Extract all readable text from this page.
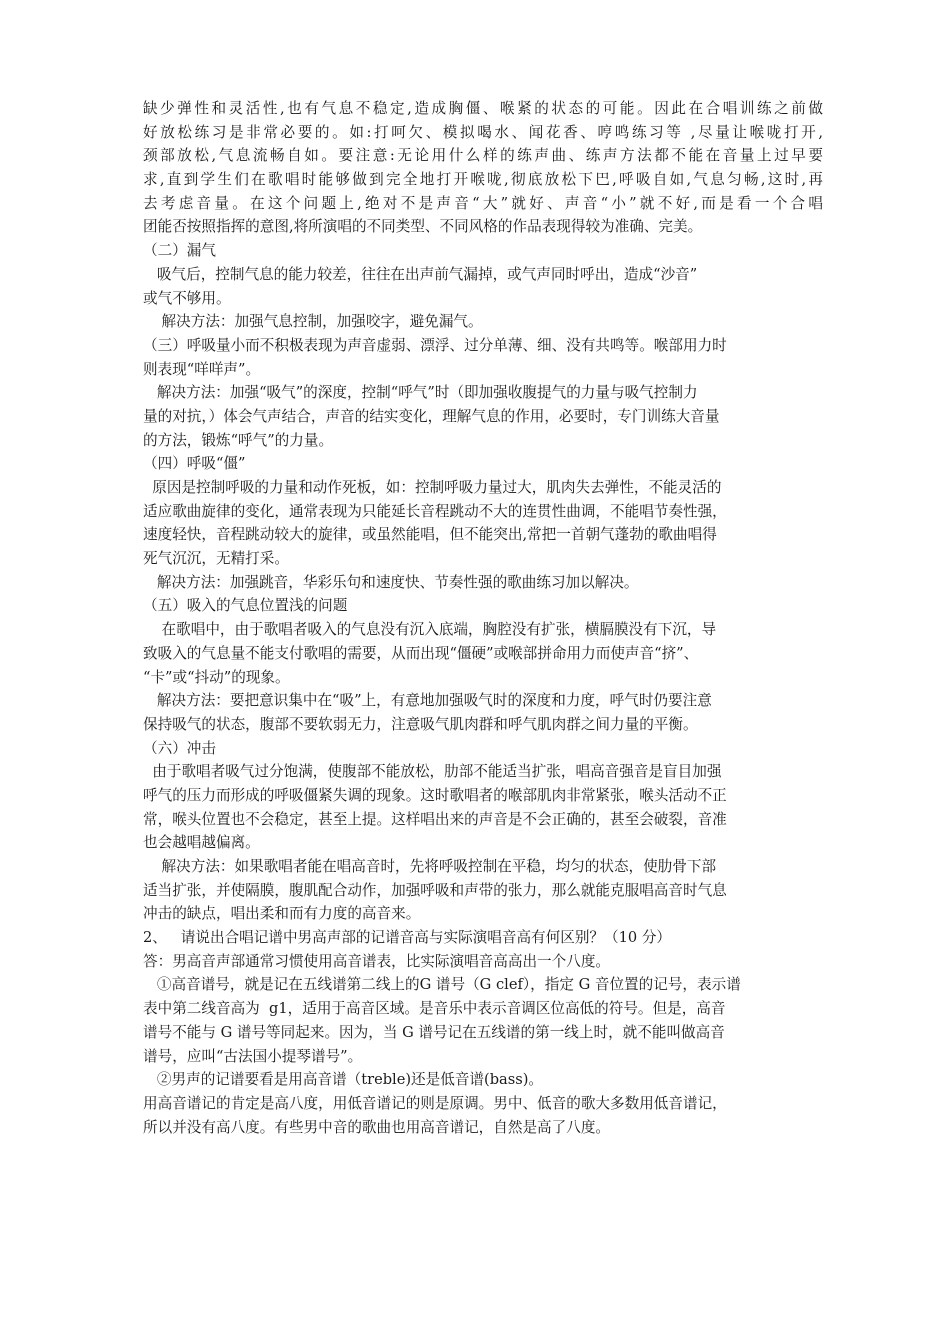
缺少弹性和灵活性,也有气息不稳定,造成胸僵、喉紧的状态的可能。因此在合唱训练之前做
好放松练习是非常必要的。如:打呵欠、模拟喝水、闻花香、哼鸣练习等 ,尽量让喉咙打开,
颈部放松,气息流畅自如。要注意:无论用什么样的练声曲、练声方法都不能在音量上过早要
求,直到学生们在歌唱时能够做到完全地打开喉咙,彻底放松下巴,呼吸自如,气息匀畅,这时,再
去考虑音量。在这个问题上,绝对不是声音“大”就好、声音“小”就不好,而是看一个合唱
团能否按照指挥的意图,将所演唱的不同类型、不同风格的作品表现得较为准确、完美。
（二）漏气
吸气后，控制气息的能力较差，往往在出声前气漏掉，或气声同时呼出，造成“沙音”
或气不够用。
解决方法：加强气息控制，加强咬字，避免漏气。
（三）呼吸量小而不积极表现为声音虚弱、漂浮、过分单薄、细、没有共鸣等。喉部用力时
则表现“咩咩声”。
解决方法：加强“吸气”的深度，控制“呼气”时（即加强收腹提气的力量与吸气控制力
量的对抗，）体会气声结合，声音的结实变化，理解气息的作用，必要时，专门训练大音量
的方法，锻炼“呼气”的力量。
（四）呼吸“僵”
原因是控制呼吸的力量和动作死板，如：控制呼吸力量过大，肌肉失去弹性，不能灵活的
适应歌曲旋律的变化，通常表现为只能延长音程跳动不大的连贯性曲调，不能唱节奏性强，
速度轻快，音程跳动较大的旋律，或虽然能唱，但不能突出,常把一首朝气蓬勃的歌曲唱得
死气沉沉，无精打采。
解决方法：加强跳音，华彩乐句和速度快、节奏性强的歌曲练习加以解决。
（五）吸入的气息位置浅的问题
在歌唱中，由于歌唱者吸入的气息没有沉入底端，胸腔没有扩张，横膈膜没有下沉，导
致吸入的气息量不能支付歌唱的需要，从而出现“僵硬”或喉部拼命用力而使声音“挤”、
“卡”或“抖动”的现象。
解决方法：要把意识集中在“吸”上，有意地加强吸气时的深度和力度，呼气时仍要注意
保持吸气的状态，腹部不要软弱无力，注意吸气肌肉群和呼气肌肉群之间力量的平衡。
（六）冲击
由于歌唱者吸气过分饱满，使腹部不能放松，肋部不能适当扩张，唱高音强音是盲目加强
呼气的压力而形成的呼吸僵紧失调的现象。这时歌唱者的喉部肌肉非常紧张，喉头活动不正
常，喉头位置也不会稳定，甚至上提。这样唱出来的声音是不会正确的，甚至会破裂，音准
也会越唱越偏离。
解决方法：如果歌唱者能在唱高音时，先将呼吸控制在平稳，均匀的状态，使肋骨下部
适当扩张，并使隔膜，腹肌配合动作，加强呼吸和声带的张力，那么就能克服唱高音时气息
冲击的缺点，唱出柔和而有力度的高音来。
2、   请说出合唱记谱中男高声部的记谱音高与实际演唱音高有何区别？（10 分）
答：男高音声部通常习惯使用高音谱表，比实际演唱音高高出一个八度。
①高音谱号，就是记在五线谱第二线上的G 谱号（G clef），指定 G 音位置的记号，表示谱
表中第二线音高为  g1，适用于高音区域。是音乐中表示音调区位高低的符号。但是，高音
谱号不能与 G 谱号等同起来。因为，当 G 谱号记在五线谱的第一线上时，就不能叫做高音
谱号，应叫“古法国小提琴谱号”。
②男声的记谱要看是用高音谱（treble)还是低音谱(bass)。
用高音谱记的肯定是高八度，用低音谱记的则是原调。男中、低音的歌大多数用低音谱记，
所以并没有高八度。有些男中音的歌曲也用高音谱记，自然是高了八度。
